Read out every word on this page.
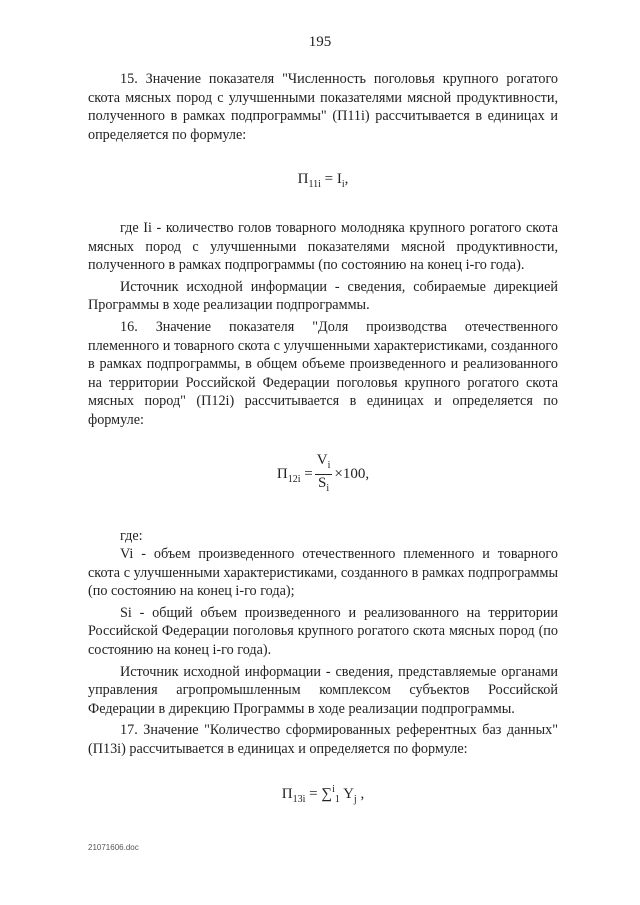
195

15. Значение показателя "Численность поголовья крупного рогатого скота мясных пород с улучшенными показателями мясной продуктивности, полученного в рамках подпрограммы" (П11i) рассчитывается в единицах и определяется по формуле:

$П_{11i} = I_i$,

где Ii - количество голов товарного молодняка крупного рогатого скота мясных пород с улучшенными показателями мясной продуктивности, полученного в рамках подпрограммы (по состоянию на конец i-го года).

Источник исходной информации - сведения, собираемые дирекцией Программы в ходе реализации подпрограммы.

16. Значение показателя "Доля производства отечественного племенного и товарного скота с улучшенными характеристиками, созданного в рамках подпрограммы, в общем объеме произведенного и реализованного на территории Российской Федерации поголовья крупного рогатого скота мясных пород" (П12i) рассчитывается в единицах и определяется по формуле:

$П_{12i} = \frac{V_i}{S_i} \times 100$,

где:

Vi - объем произведенного отечественного племенного и товарного скота с улучшенными характеристиками, созданного в рамках подпрограммы (по состоянию на конец i-го года);

Si - общий объем произведенного и реализованного на территории Российской Федерации поголовья крупного рогатого скота мясных пород (по состоянию на конец i-го года).

Источник исходной информации - сведения, представляемые органами управления агропромышленным комплексом субъектов Российской Федерации в дирекцию Программы в ходе реализации подпрограммы.

17. Значение "Количество сформированных референтных баз данных" (П13i) рассчитывается в единицах и определяется по формуле:

$П_{13i} = \sum^i_1$ $Y_j$ ,

21071606.doc
